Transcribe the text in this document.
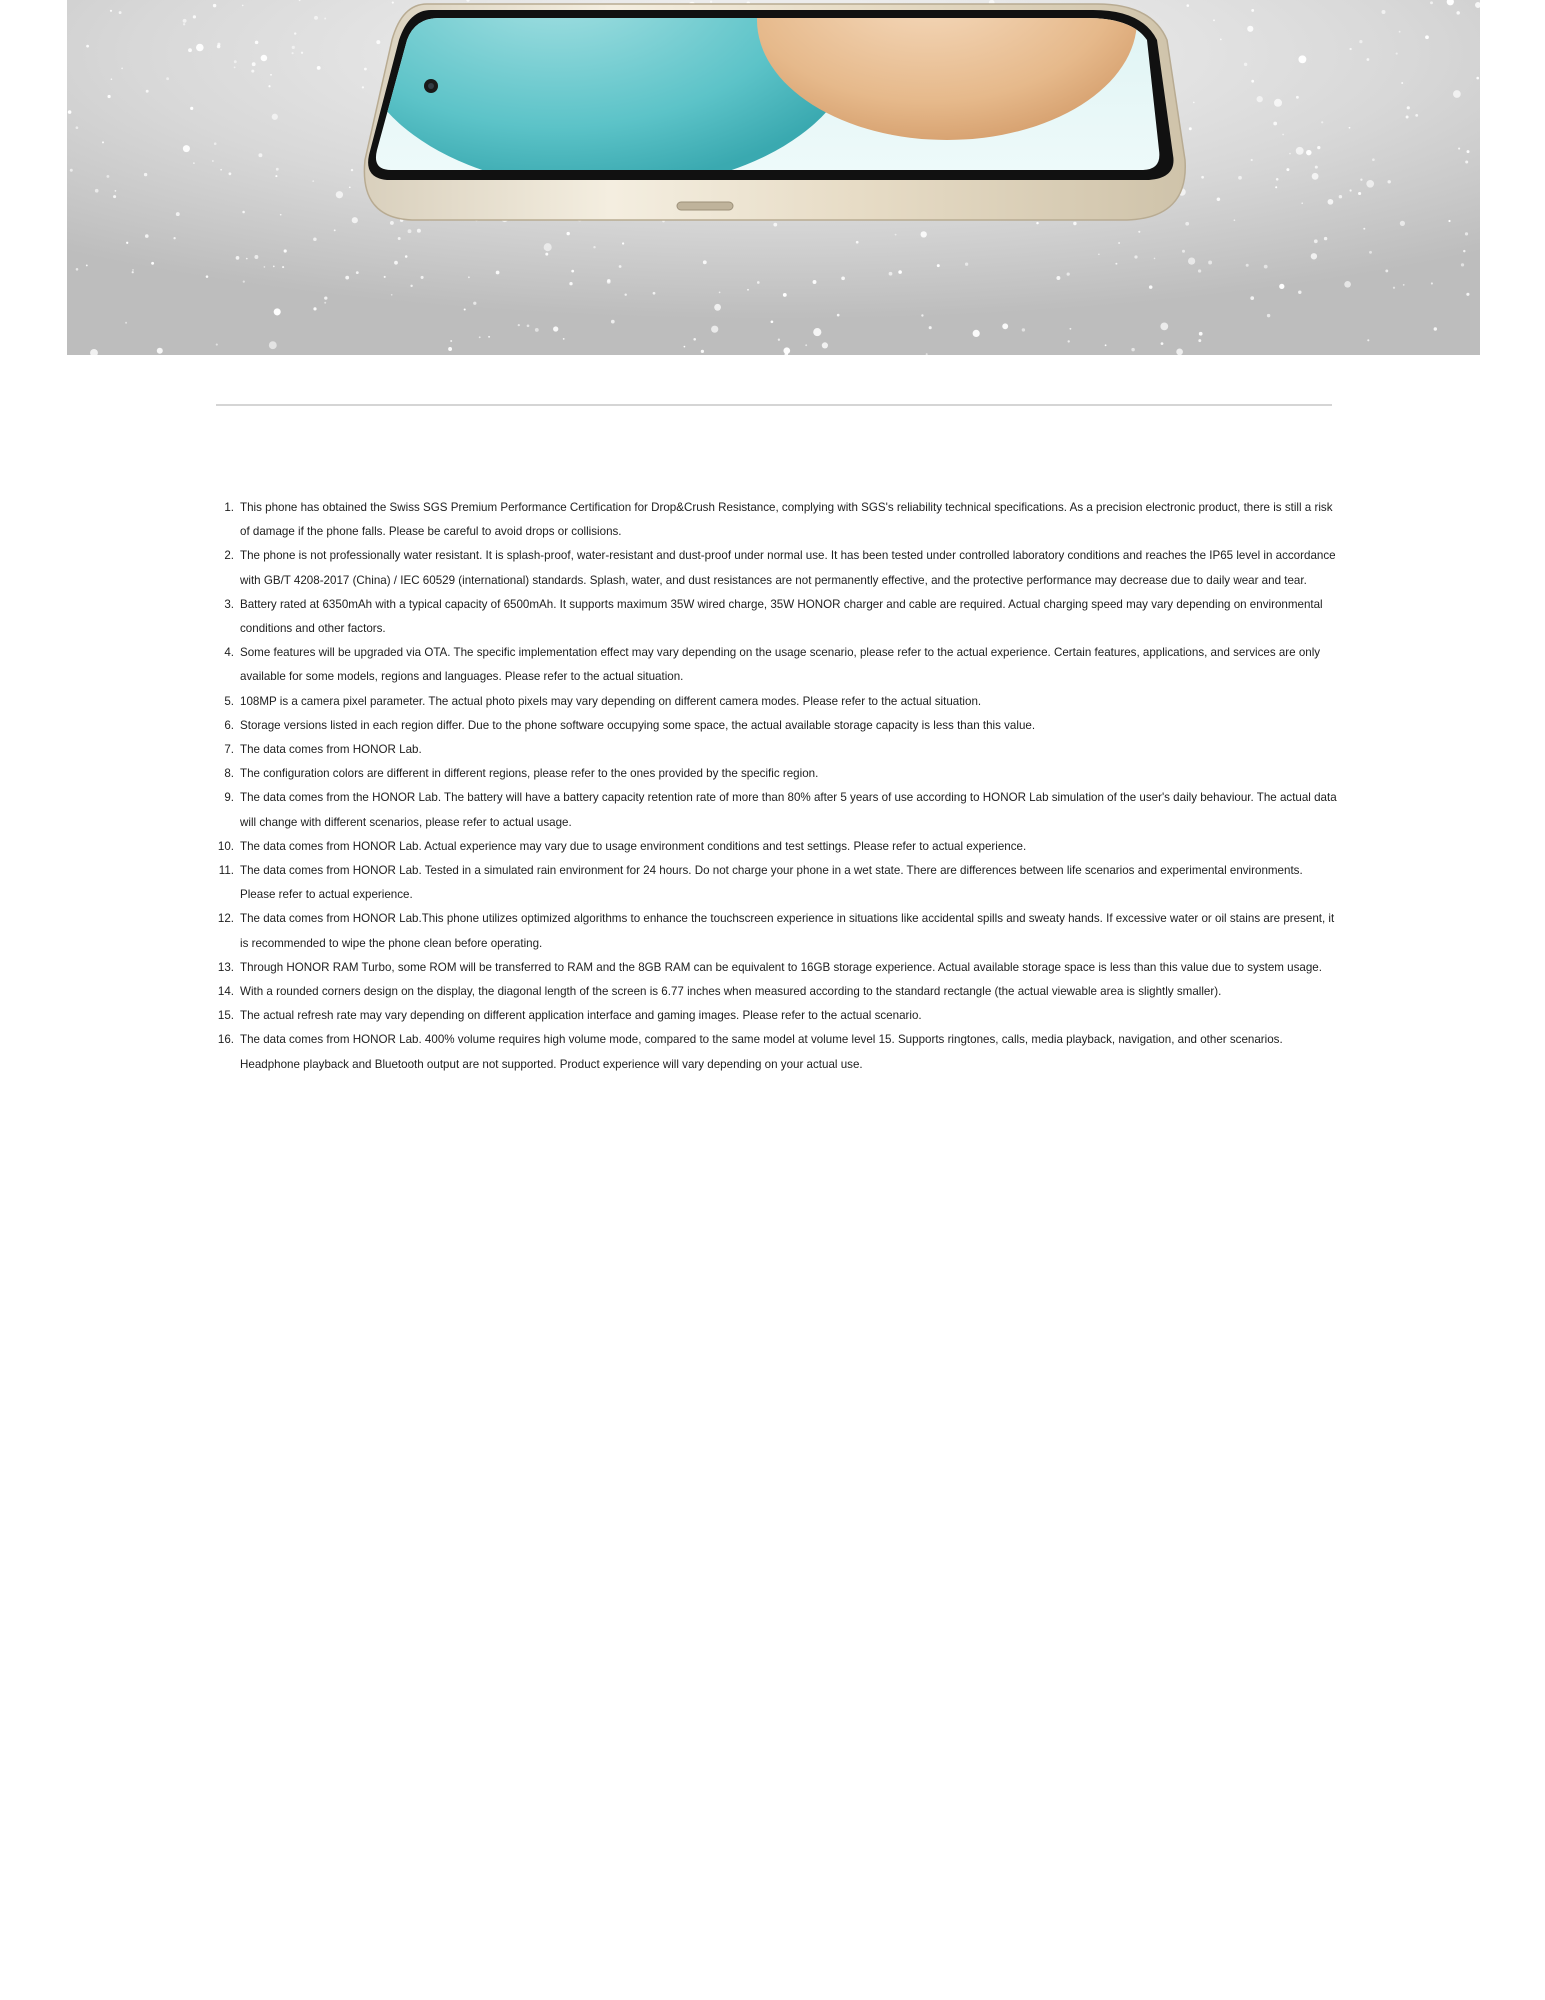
1. This phone has obtained the Swiss SGS Premium Performance Certification for Drop&Crush Resistance, complying with SGS's reliability technical specifications. As a precision electronic product, there is still a risk of damage if the phone falls. Please be careful to avoid drops or collisions.
2. The phone is not professionally water resistant. It is splash-proof, water-resistant and dust-proof under normal use. It has been tested under controlled laboratory conditions and reaches the IP65 level in accordance with GB/T 4208-2017 (China) / IEC 60529 (international) standards. Splash, water, and dust resistances are not permanently effective, and the protective performance may decrease due to daily wear and tear.
3. Battery rated at 6350mAh with a typical capacity of 6500mAh. It supports maximum 35W wired charge, 35W HONOR charger and cable are required. Actual charging speed may vary depending on environmental conditions and other factors.
4. Some features will be upgraded via OTA. The specific implementation effect may vary depending on the usage scenario, please refer to the actual experience. Certain features, applications, and services are only available for some models, regions and languages. Please refer to the actual situation.
5. 108MP is a camera pixel parameter. The actual photo pixels may vary depending on different camera modes. Please refer to the actual situation.
6. Storage versions listed in each region differ. Due to the phone software occupying some space, the actual available storage capacity is less than this value.
7. The data comes from HONOR Lab.
8. The configuration colors are different in different regions, please refer to the ones provided by the specific region.
9. The data comes from the HONOR Lab. The battery will have a battery capacity retention rate of more than 80% after 5 years of use according to HONOR Lab simulation of the user's daily behaviour. The actual data will change with different scenarios, please refer to actual usage.
10. The data comes from HONOR Lab. Actual experience may vary due to usage environment conditions and test settings. Please refer to actual experience.
11. The data comes from HONOR Lab. Tested in a simulated rain environment for 24 hours. Do not charge your phone in a wet state. There are differences between life scenarios and experimental environments. Please refer to actual experience.
12. The data comes from HONOR Lab.This phone utilizes optimized algorithms to enhance the touchscreen experience in situations like accidental spills and sweaty hands. If excessive water or oil stains are present, it is recommended to wipe the phone clean before operating.
13. Through HONOR RAM Turbo, some ROM will be transferred to RAM and the 8GB RAM can be equivalent to 16GB storage experience. Actual available storage space is less than this value due to system usage.
14. With a rounded corners design on the display, the diagonal length of the screen is 6.77 inches when measured according to the standard rectangle (the actual viewable area is slightly smaller).
15. The actual refresh rate may vary depending on different application interface and gaming images. Please refer to the actual scenario.
16. The data comes from HONOR Lab. 400% volume requires high volume mode, compared to the same model at volume level 15. Supports ringtones, calls, media playback, navigation, and other scenarios. Headphone playback and Bluetooth output are not supported. Product experience will vary depending on your actual use.
